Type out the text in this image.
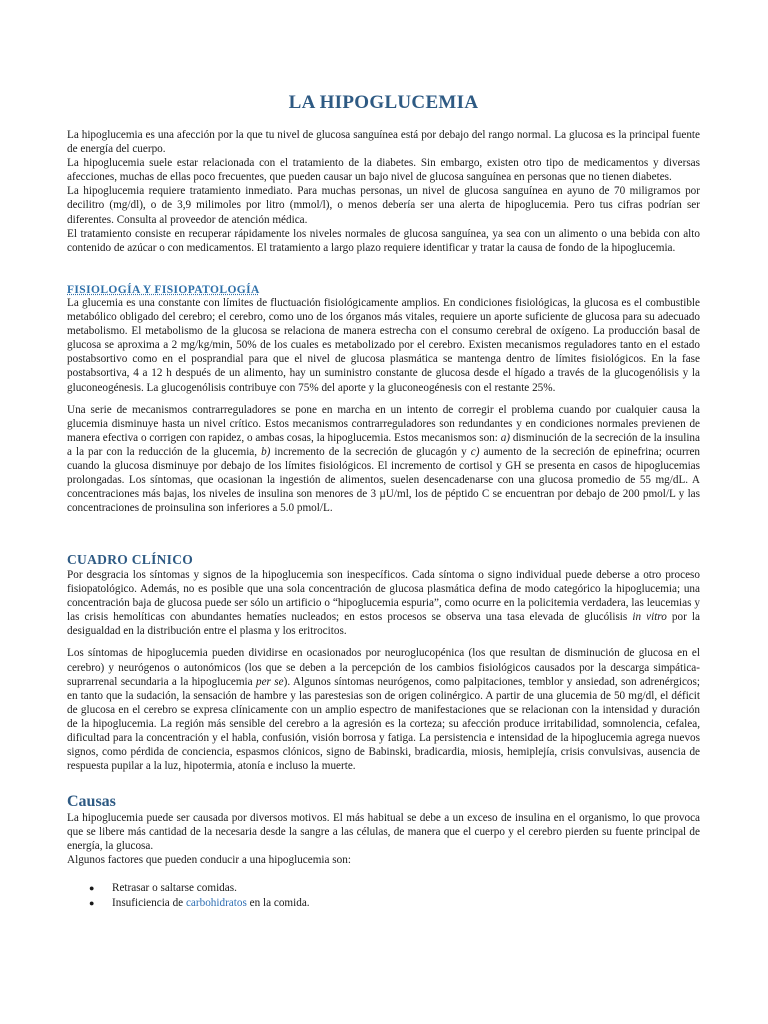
LA HIPOGLUCEMIA

La hipoglucemia es una afección por la que tu nivel de glucosa sanguínea está por debajo del rango normal. La glucosa es la principal fuente de energía del cuerpo.

La hipoglucemia suele estar relacionada con el tratamiento de la diabetes. Sin embargo, existen otro tipo de medicamentos y diversas afecciones, muchas de ellas poco frecuentes, que pueden causar un bajo nivel de glucosa sanguínea en personas que no tienen diabetes.

La hipoglucemia requiere tratamiento inmediato. Para muchas personas, un nivel de glucosa sanguínea en ayuno de 70 miligramos por decilitro (mg/dl), o de 3,9 milimoles por litro (mmol/l), o menos debería ser una alerta de hipoglucemia. Pero tus cifras podrían ser diferentes. Consulta al proveedor de atención médica.

El tratamiento consiste en recuperar rápidamente los niveles normales de glucosa sanguínea, ya sea con un alimento o una bebida con alto contenido de azúcar o con medicamentos. El tratamiento a largo plazo requiere identificar y tratar la causa de fondo de la hipoglucemia.

FISIOLOGÍA Y FISIOPATOLOGÍA

La glucemia es una constante con límites de fluctuación fisiológicamente amplios. En condiciones fisiológicas, la glucosa es el combustible metabólico obligado del cerebro; el cerebro, como uno de los órganos más vitales, requiere un aporte suficiente de glucosa para su adecuado metabolismo. El metabolismo de la glucosa se relaciona de manera estrecha con el consumo cerebral de oxígeno. La producción basal de glucosa se aproxima a 2 mg/kg/min, 50% de los cuales es metabolizado por el cerebro. Existen mecanismos reguladores tanto en el estado postabsortivo como en el posprandial para que el nivel de glucosa plasmática se mantenga dentro de límites fisiológicos. En la fase postabsortiva, 4 a 12 h después de un alimento, hay un suministro constante de glucosa desde el hígado a través de la glucogenólisis y la gluconeogénesis. La glucogenólisis contribuye con 75% del aporte y la gluconeogénesis con el restante 25%.

Una serie de mecanismos contrarreguladores se pone en marcha en un intento de corregir el problema cuando por cualquier causa la glucemia disminuye hasta un nivel crítico. Estos mecanismos contrarreguladores son redundantes y en condiciones normales previenen de manera efectiva o corrigen con rapidez, o ambas cosas, la hipoglucemia. Estos mecanismos son: a) disminución de la secreción de la insulina a la par con la reducción de la glucemia, b) incremento de la secreción de glucagón y c) aumento de la secreción de epinefrina; ocurren cuando la glucosa disminuye por debajo de los límites fisiológicos. El incremento de cortisol y GH se presenta en casos de hipoglucemias prolongadas. Los síntomas, que ocasionan la ingestión de alimentos, suelen desencadenarse con una glucosa promedio de 55 mg/dL. A concentraciones más bajas, los niveles de insulina son menores de 3 µU/ml, los de péptido C se encuentran por debajo de 200 pmol/L y las concentraciones de proinsulina son inferiores a 5.0 pmol/L.

CUADRO CLÍNICO

Por desgracia los síntomas y signos de la hipoglucemia son inespecíficos. Cada síntoma o signo individual puede deberse a otro proceso fisiopatológico. Además, no es posible que una sola concentración de glucosa plasmática defina de modo categórico la hipoglucemia; una concentración baja de glucosa puede ser sólo un artificio o “hipoglucemia espuria”, como ocurre en la policitemia verdadera, las leucemias y las crisis hemolíticas con abundantes hematíes nucleados; en estos procesos se observa una tasa elevada de glucólisis in vitro por la desigualdad en la distribución entre el plasma y los eritrocitos.

Los síntomas de hipoglucemia pueden dividirse en ocasionados por neuroglucopénica (los que resultan de disminución de glucosa en el cerebro) y neurógenos o autonómicos (los que se deben a la percepción de los cambios fisiológicos causados por la descarga simpática-suprarrenal secundaria a la hipoglucemia per se). Algunos síntomas neurógenos, como palpitaciones, temblor y ansiedad, son adrenérgicos; en tanto que la sudación, la sensación de hambre y las parestesias son de origen colinérgico. A partir de una glucemia de 50 mg/dl, el déficit de glucosa en el cerebro se expresa clínicamente con un amplio espectro de manifestaciones que se relacionan con la intensidad y duración de la hipoglucemia. La región más sensible del cerebro a la agresión es la corteza; su afección produce irritabilidad, somnolencia, cefalea, dificultad para la concentración y el habla, confusión, visión borrosa y fatiga. La persistencia e intensidad de la hipoglucemia agrega nuevos signos, como pérdida de conciencia, espasmos clónicos, signo de Babinski, bradicardia, miosis, hemiplejía, crisis convulsivas, ausencia de respuesta pupilar a la luz, hipotermia, atonía e incluso la muerte.

Causas

La hipoglucemia puede ser causada por diversos motivos. El más habitual se debe a un exceso de insulina en el organismo, lo que provoca que se libere más cantidad de la necesaria desde la sangre a las células, de manera que el cuerpo y el cerebro pierden su fuente principal de energía, la glucosa.

Algunos factores que pueden conducir a una hipoglucemia son:

● Retrasar o saltarse comidas.
● Insuficiencia de carbohidratos en la comida.
